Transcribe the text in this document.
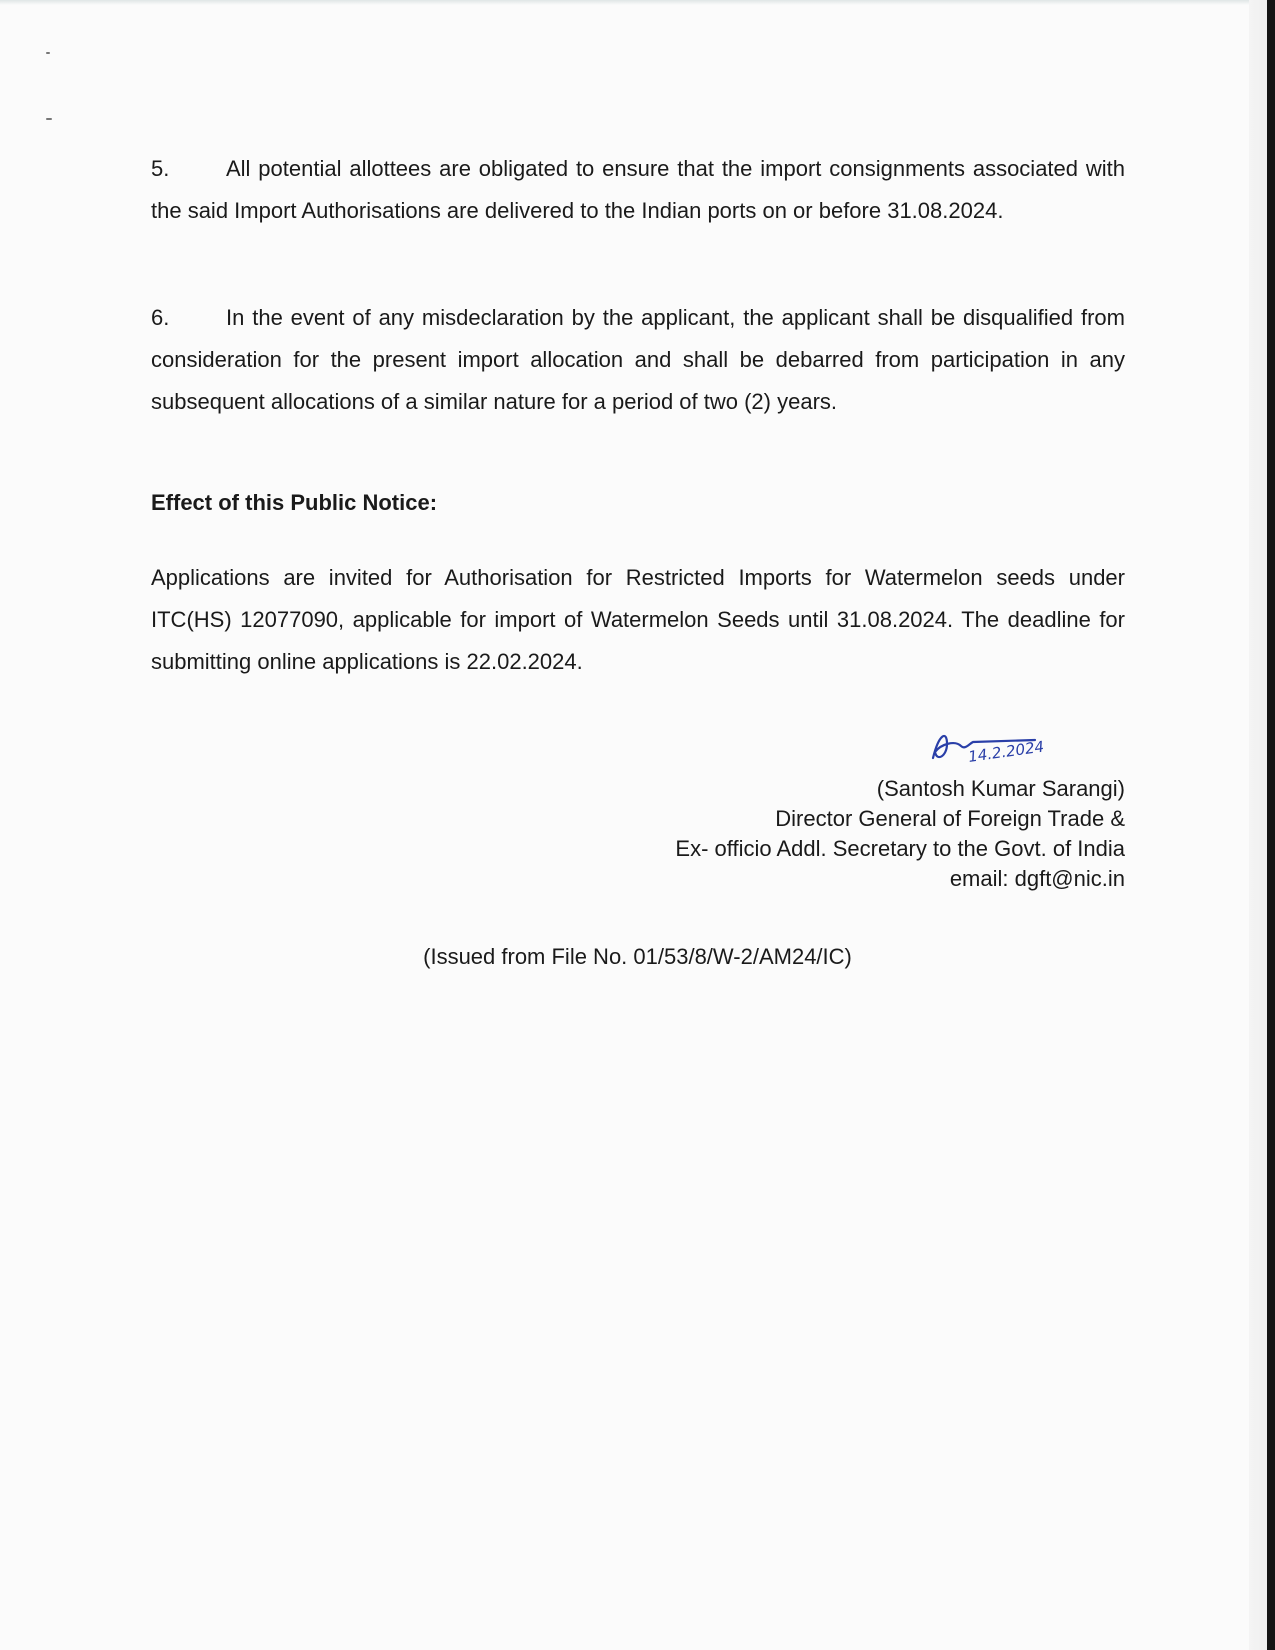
5.	All potential allottees are obligated to ensure that the import consignments associated with the said Import Authorisations are delivered to the Indian ports on or before 31.08.2024.
6.	In the event of any misdeclaration by the applicant, the applicant shall be disqualified from consideration for the present import allocation and shall be debarred from participation in any subsequent allocations of a similar nature for a period of two (2) years.
Effect of this Public Notice:
Applications are invited for Authorisation for Restricted Imports for Watermelon seeds under ITC(HS) 12077090, applicable for import of Watermelon Seeds until 31.08.2024. The deadline for submitting online applications is 22.02.2024.
14.2.2024
(Santosh Kumar Sarangi)
Director General of Foreign Trade &
Ex- officio Addl. Secretary to the Govt. of India
email: dgft@nic.in
(Issued from File No. 01/53/8/W-2/AM24/IC)
